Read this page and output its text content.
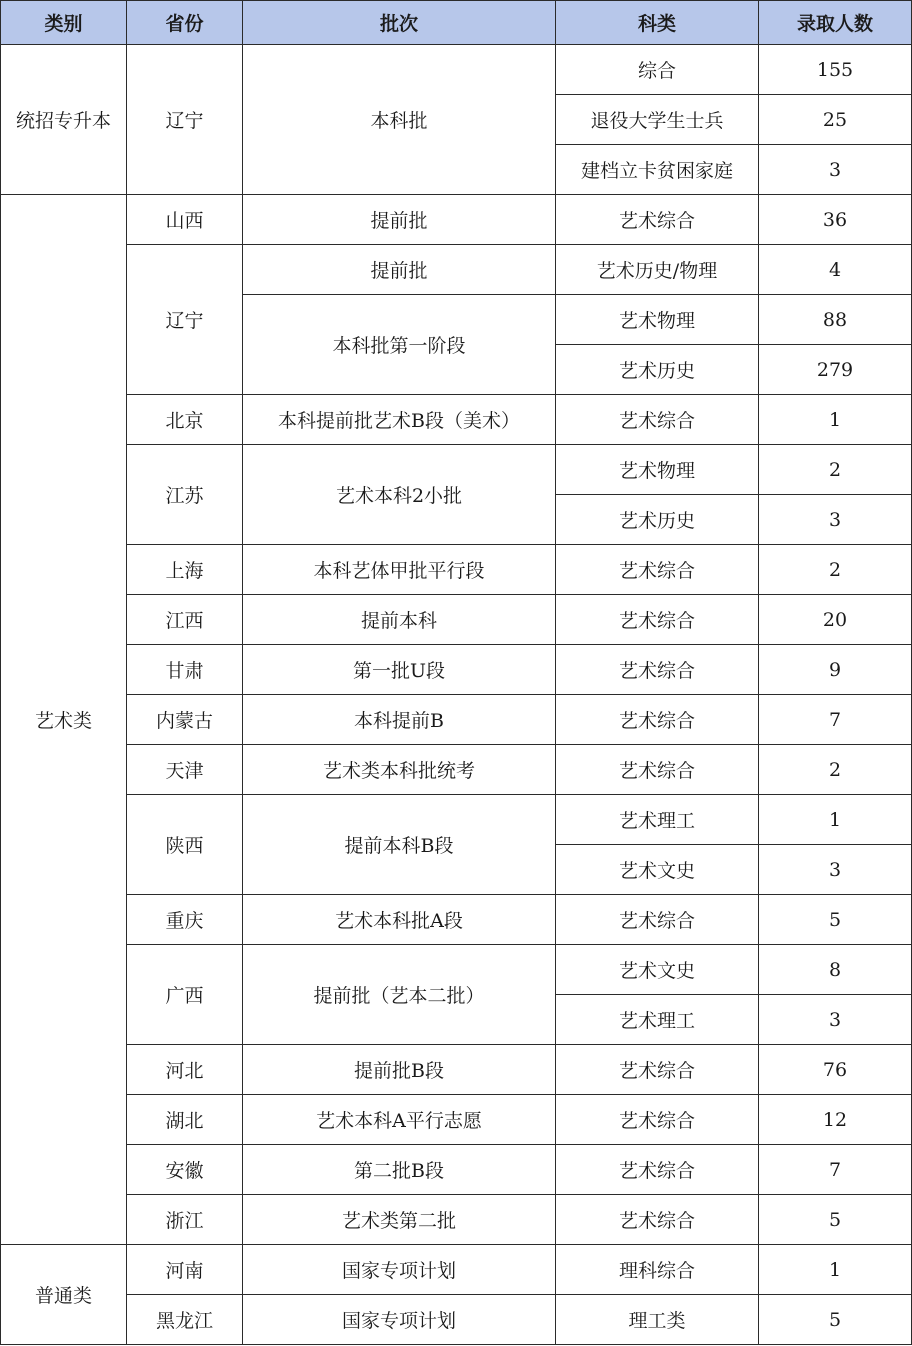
类别	省份	批次	科类	录取人数
统招专升本	辽宁	本科批	综合	155
			退役大学生士兵	25
			建档立卡贫困家庭	3
艺术类	山西	提前批	艺术综合	36
	辽宁	提前批	艺术历史/物理	4
		本科批第一阶段	艺术物理	88
			艺术历史	279
	北京	本科提前批艺术B段（美术）	艺术综合	1
	江苏	艺术本科2小批	艺术物理	2
			艺术历史	3
	上海	本科艺体甲批平行段	艺术综合	2
	江西	提前本科	艺术综合	20
	甘肃	第一批U段	艺术综合	9
	内蒙古	本科提前B	艺术综合	7
	天津	艺术类本科批统考	艺术综合	2
	陕西	提前本科B段	艺术理工	1
			艺术文史	3
	重庆	艺术本科批A段	艺术综合	5
	广西	提前批（艺本二批）	艺术文史	8
			艺术理工	3
	河北	提前批B段	艺术综合	76
	湖北	艺术本科A平行志愿	艺术综合	12
	安徽	第二批B段	艺术综合	7
	浙江	艺术类第二批	艺术综合	5
普通类	河南	国家专项计划	理科综合	1
	黑龙江	国家专项计划	理工类	5
